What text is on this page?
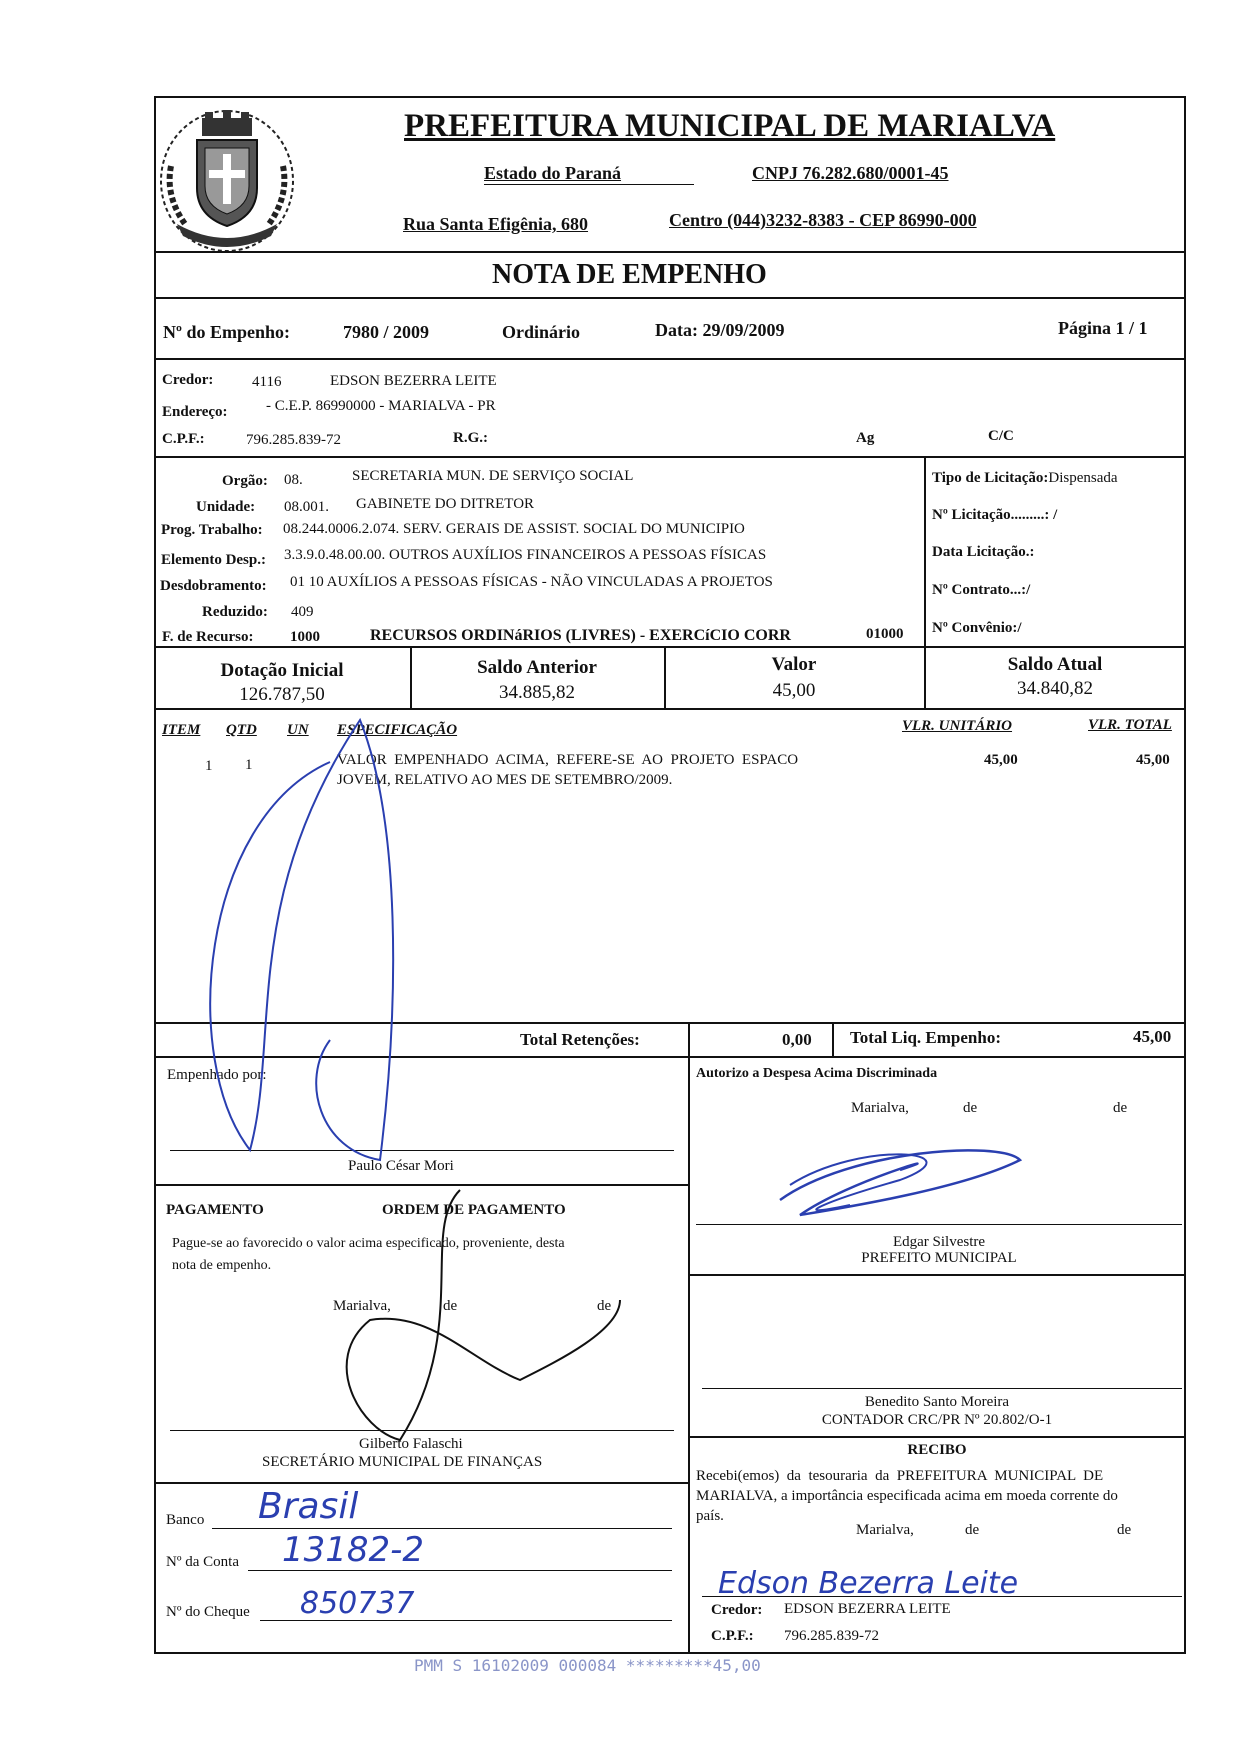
PREFEITURA MUNICIPAL DE MARIALVA
Estado do Paraná	CNPJ 76.282.680/0001-45
Rua Santa Efigênia, 680	Centro (044)3232-8383 - CEP 86990-000
NOTA DE EMPENHO
Nº do Empenho:	7980 / 2009	Ordinário	Data: 29/09/2009	Página 1 / 1
Credor:	4116	EDSON BEZERRA LEITE
Endereço:	- C.E.P. 86990000 - MARIALVA - PR
C.P.F.:	796.285.839-72	R.G.:	Ag	C/C
Orgão: 08.	SECRETARIA MUN. DE SERVIÇO SOCIAL
Unidade: 08.001. GABINETE DO DITRETOR
Prog. Trabalho: 08.244.0006.2.074. SERV. GERAIS DE ASSIST. SOCIAL DO MUNICIPIO
Elemento Desp.: 3.3.9.0.48.00.00. OUTROS AUXÍLIOS FINANCEIROS A PESSOAS FÍSICAS
Desdobramento: 01 10 AUXÍLIOS A PESSOAS FÍSICAS - NÃO VINCULADAS A PROJETOS
Reduzido: 409
F. de Recurso: 1000	RECURSOS ORDINáRIOS (LIVRES) - EXERCíCIO CORR	01000
Tipo de Licitação:Dispensada
Nº Licitação.........: /
Data Licitação.:
Nº Contrato...:/
Nº Convênio:/
Dotação Inicial
126.787,50
Saldo Anterior
34.885,82
Valor
45,00
Saldo Atual
34.840,82
ITEM QTD UN ESPECIFICAÇÃO	VLR. UNITÁRIO	VLR. TOTAL
1 1	VALOR  EMPENHADO  ACIMA,  REFERE-SE  AO  PROJETO  ESPACO
JOVEM, RELATIVO AO MES DE SETEMBRO/2009.
45,00	45,00
Total Retenções:	0,00 Total Liq. Empenho:	45,00
Empenhado por:
Paulo César Mori
Autorizo a Despesa Acima Discriminada
Marialva,	de	de
Edgar Silvestre
PREFEITO MUNICIPAL
PAGAMENTO	ORDEM DE PAGAMENTO
Pague-se ao favorecido o valor acima especificado, proveniente, desta
nota de empenho.
Marialva,	de	de
Gilberto Falaschi
SECRETÁRIO MUNICIPAL DE FINANÇAS
Benedito Santo Moreira
CONTADOR CRC/PR Nº 20.802/O-1
Banco Brasil
Nº da Conta 13182-2
Nº do Cheque 850737
RECIBO
Recebi(emos)  da  tesouraria  da  PREFEITURA  MUNICIPAL  DE
MARIALVA, a importância especificada acima em moeda corrente do
país.
Marialva,	de	de
Edson Bezerra Leite
Credor: EDSON BEZERRA LEITE
C.P.F.: 796.285.839-72
PMM S 16102009 000084 *********45,00
